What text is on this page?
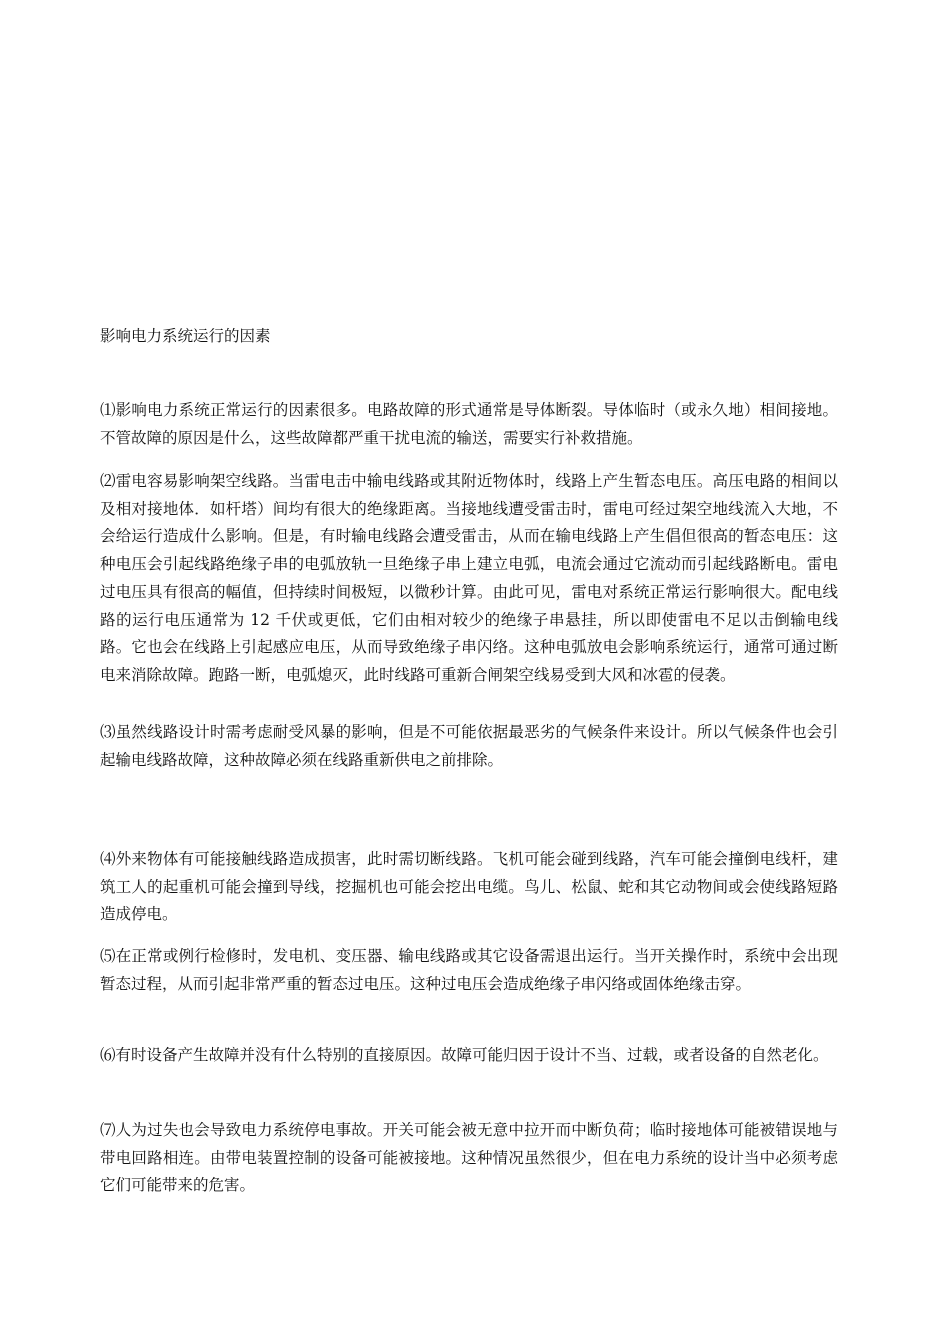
影响电力系统运行的因素

⑴影响电力系统正常运行的因素很多。电路故障的形式通常是导体断裂。导体临时（或永久地）相间接地。不管故障的原因是什么，这些故障都严重干扰电流的输送，需要实行补救措施。

⑵雷电容易影响架空线路。当雷电击中输电线路或其附近物体时，线路上产生暂态电压。高压电路的相间以及相对接地体．如杆塔）间均有很大的绝缘距离。当接地线遭受雷击时，雷电可经过架空地线流入大地，不会给运行造成什么影响。但是，有时输电线路会遭受雷击，从而在输电线路上产生倡但很高的暂态电压：这种电压会引起线路绝缘子串的电弧放轨一旦绝缘子串上建立电弧，电流会通过它流动而引起线路断电。雷电过电压具有很高的幅值，但持续时间极短，以微秒计算。由此可见，雷电对系统正常运行影响很大。配电线路的运行电压通常为 12 千伏或更低，它们由相对较少的绝缘子串悬挂，所以即使雷电不足以击倒输电线路。它也会在线路上引起感应电压，从而导致绝缘子串闪络。这种电弧放电会影响系统运行，通常可通过断电来消除故障。跑路一断，电弧熄灭，此时线路可重新合闸架空线易受到大风和冰雹的侵袭。

⑶虽然线路设计时需考虑耐受风暴的影响，但是不可能依据最恶劣的气候条件来设计。所以气候条件也会引起输电线路故障，这种故障必须在线路重新供电之前排除。

⑷外来物体有可能接触线路造成损害，此时需切断线路。飞机可能会碰到线路，汽车可能会撞倒电线杆，建筑工人的起重机可能会撞到导线，挖掘机也可能会挖出电缆。鸟儿、松鼠、蛇和其它动物间或会使线路短路造成停电。

⑸在正常或例行检修时，发电机、变压器、输电线路或其它设备需退出运行。当开关操作时，系统中会出现暂态过程，从而引起非常严重的暂态过电压。这种过电压会造成绝缘子串闪络或固体绝缘击穿。

⑹有时设备产生故障并没有什么特别的直接原因。故障可能归因于设计不当、过载，或者设备的自然老化。

⑺人为过失也会导致电力系统停电事故。开关可能会被无意中拉开而中断负荷；临时接地体可能被错误地与带电回路相连。由带电装置控制的设备可能被接地。这种情况虽然很少，但在电力系统的设计当中必须考虑它们可能带来的危害。
